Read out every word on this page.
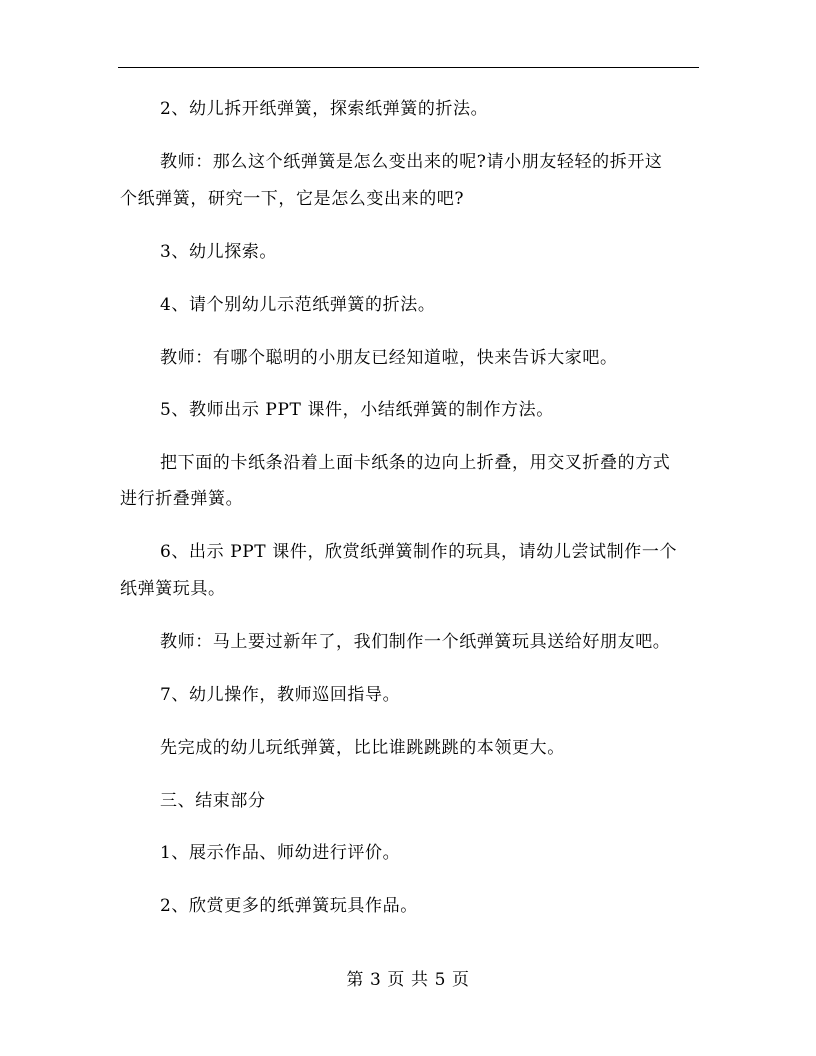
2、幼儿拆开纸弹簧，探索纸弹簧的折法。
教师：那么这个纸弹簧是怎么变出来的呢?请小朋友轻轻的拆开这
个纸弹簧，研究一下，它是怎么变出来的吧?
3、幼儿探索。
4、请个别幼儿示范纸弹簧的折法。
教师：有哪个聪明的小朋友已经知道啦，快来告诉大家吧。
5、教师出示 PPT 课件，小结纸弹簧的制作方法。
把下面的卡纸条沿着上面卡纸条的边向上折叠，用交叉折叠的方式
进行折叠弹簧。
6、出示 PPT 课件，欣赏纸弹簧制作的玩具，请幼儿尝试制作一个
纸弹簧玩具。
教师：马上要过新年了，我们制作一个纸弹簧玩具送给好朋友吧。
7、幼儿操作，教师巡回指导。
先完成的幼儿玩纸弹簧，比比谁跳跳跳的本领更大。
三、结束部分
1、展示作品、师幼进行评价。
2、欣赏更多的纸弹簧玩具作品。
第 3 页 共 5 页
